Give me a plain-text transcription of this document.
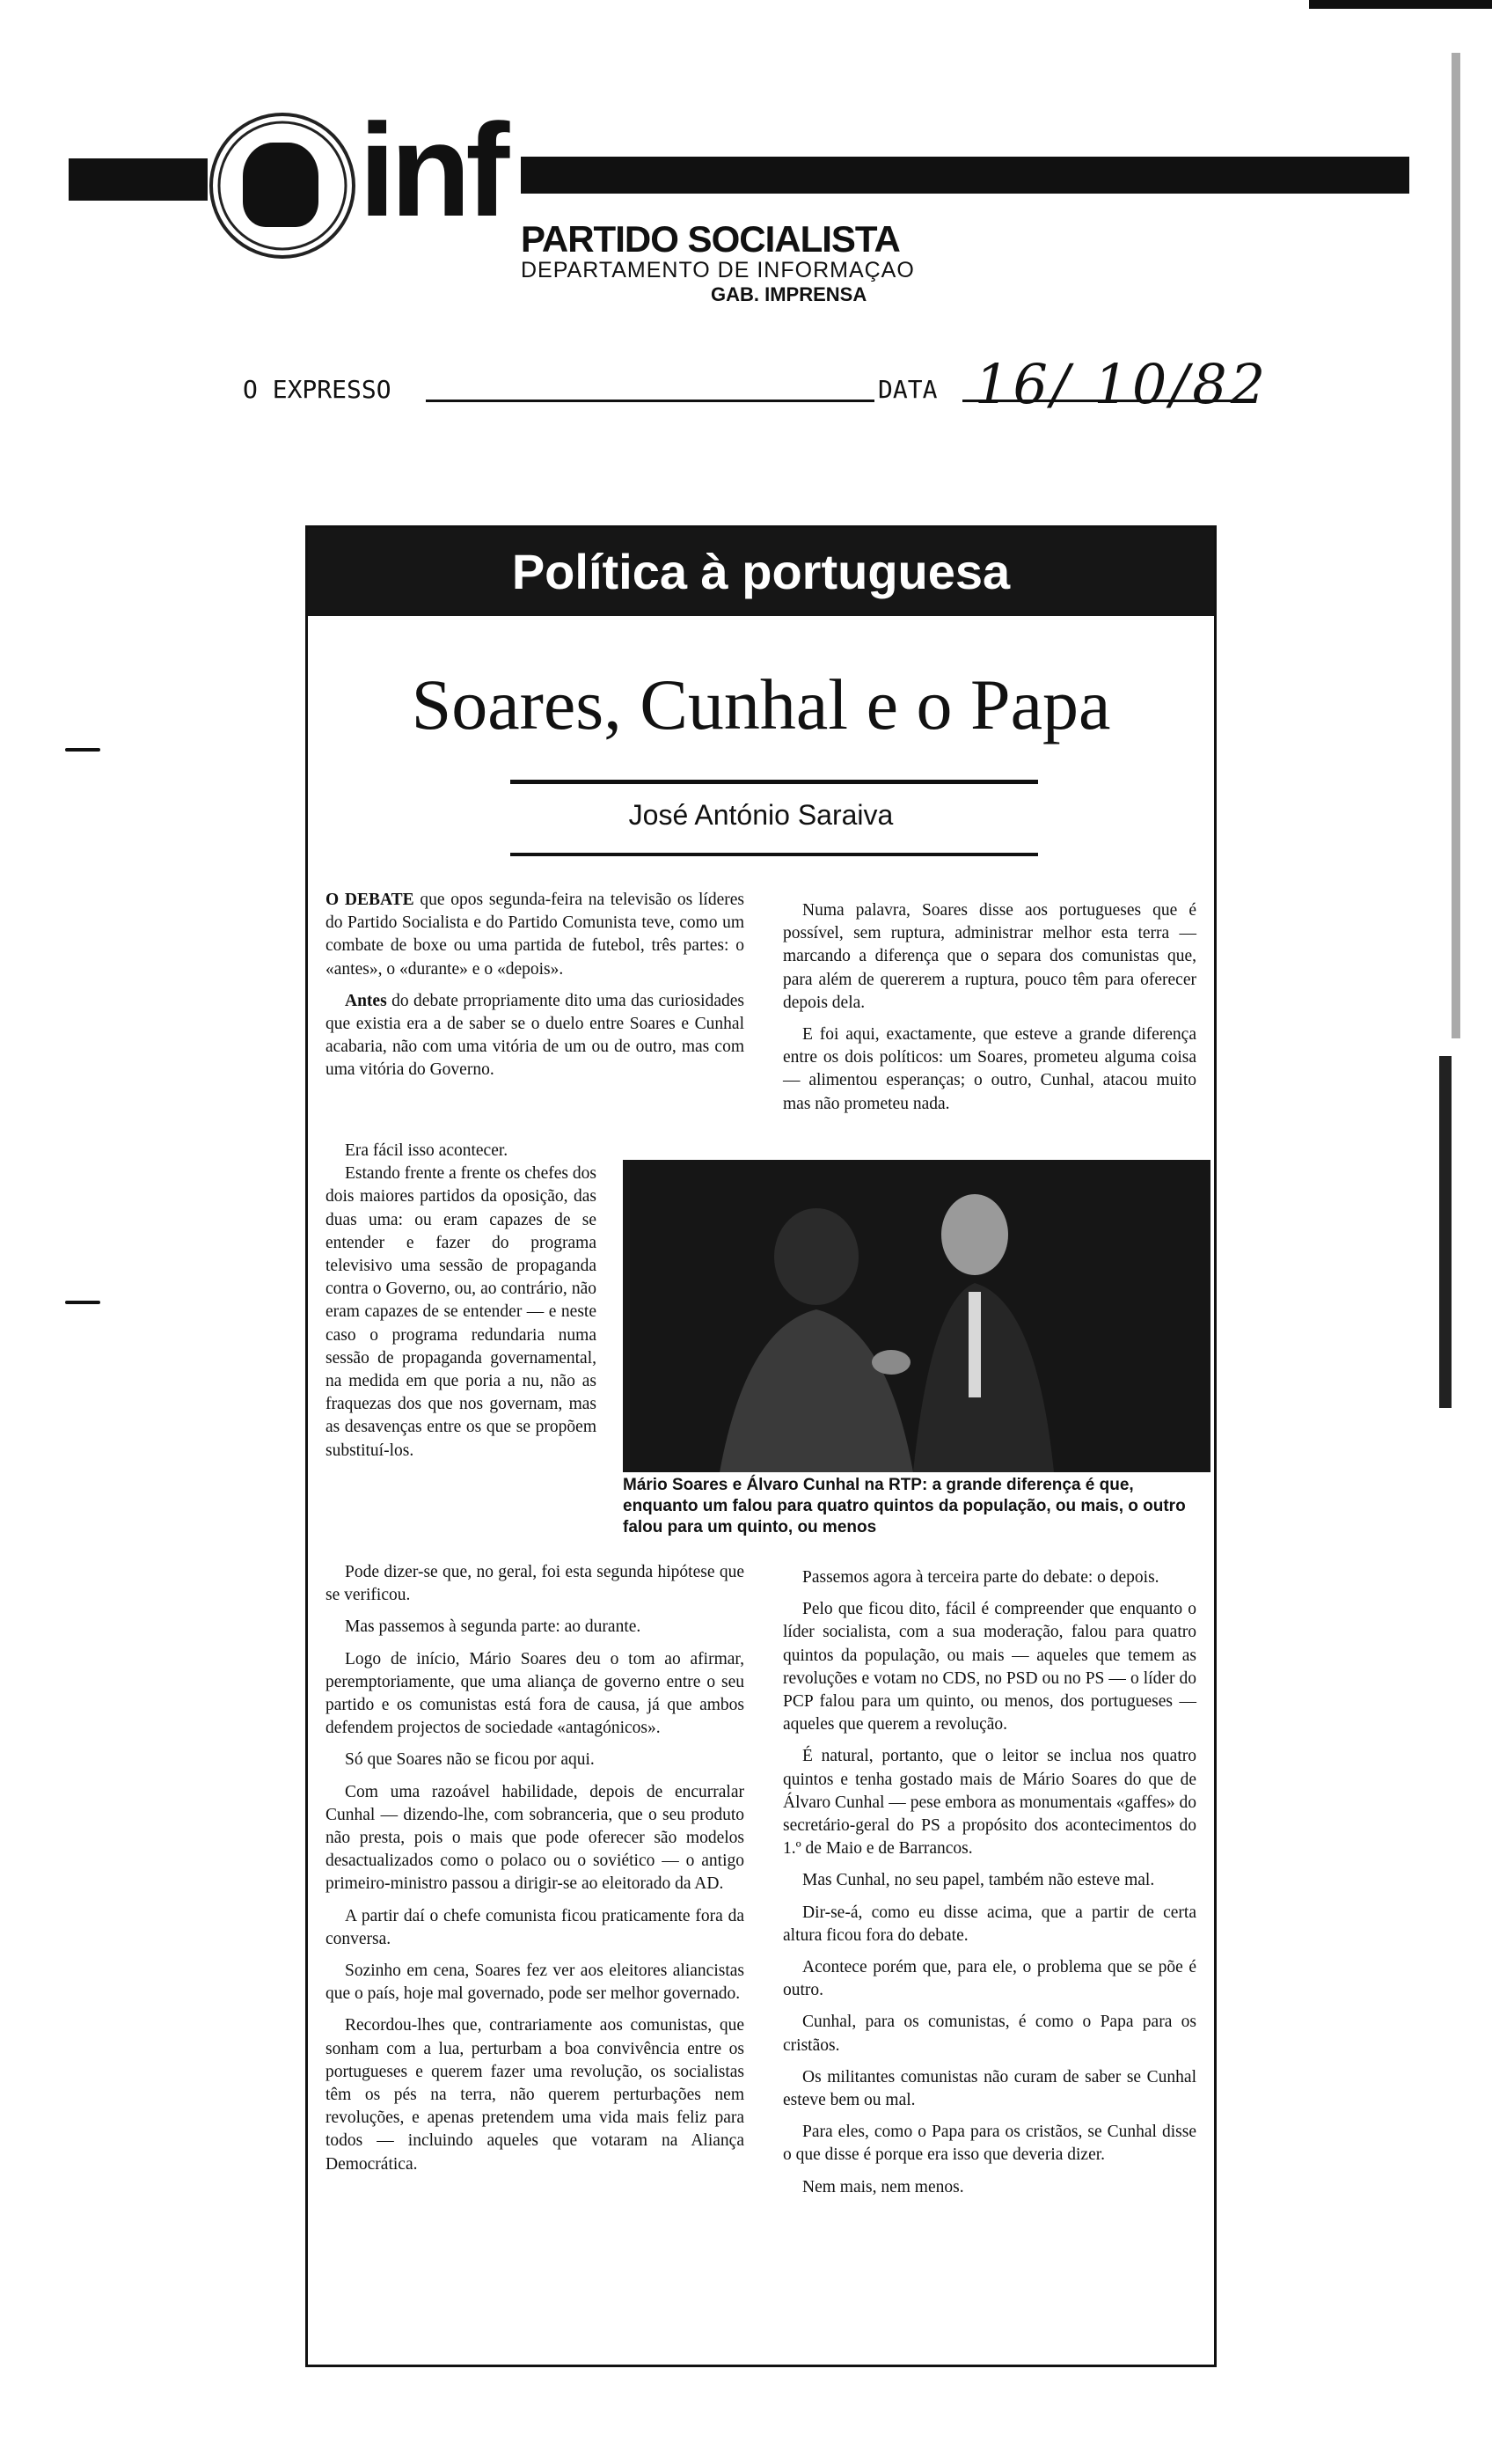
inf PARTIDO SOCIALISTA
DEPARTAMENTO DE INFORMAÇAO
GAB. IMPRENSA
O EXPRESSO	DATA 16/ 10/82
Política à portuguesa
Soares, Cunhal e o Papa
José António Saraiva

O DEBATE que opos segunda-feira na televisão os líderes do Partido Socialista e do Partido Comunista teve, como um combate de boxe ou uma partida de futebol, três partes: o «antes», o «durante» e o «depois».

Antes do debate prropriamente dito uma das curiosidades que existia era a de saber se o duelo entre Soares e Cunhal acabaria, não com uma vitória de um ou de outro, mas com uma vitória do Governo.

Era fácil isso acontecer.

Estando frente a frente os chefes dos dois maiores partidos da oposição, das duas uma: ou eram capazes de se entender e fazer do programa televisivo uma sessão de propaganda contra o Governo, ou, ao contrário, não eram capazes de se entender — e neste caso o programa redundaria numa sessão de propaganda governamental, na medida em que poria a nu, não as fraquezas dos que nos governam, mas as desavenças entre os que se propõem substituí-los.

Numa palavra, Soares disse aos portugueses que é possível, sem ruptura, administrar melhor esta terra — marcando a diferença que o separa dos comunistas que, para além de quererem a ruptura, pouco têm para oferecer depois dela.

E foi aqui, exactamente, que esteve a grande diferença entre os dois políticos: um Soares, prometeu alguma coisa — alimentou esperanças; o outro, Cunhal, atacou muito mas não prometeu nada.

Mário Soares e Álvaro Cunhal na RTP: a grande diferença é que, enquanto um falou para quatro quintos da população, ou mais, o outro falou para um quinto, ou menos

Pode dizer-se que, no geral, foi esta segunda hipótese que se verificou.

Mas passemos à segunda parte: ao durante.

Logo de início, Mário Soares deu o tom ao afirmar, peremptoriamente, que uma aliança de governo entre o seu partido e os comunistas está fora de causa, já que ambos defendem projectos de sociedade «antagónicos».

Só que Soares não se ficou por aqui.

Com uma razoável habilidade, depois de encurralar Cunhal — dizendo-lhe, com sobranceria, que o seu produto não presta, pois o mais que pode oferecer são modelos desactualizados como o polaco ou o soviético — o antigo primeiro-ministro passou a dirigir-se ao eleitorado da AD.

A partir daí o chefe comunista ficou praticamente fora da conversa.

Sozinho em cena, Soares fez ver aos eleitores aliancistas que o país, hoje mal governado, pode ser melhor governado.

Recordou-lhes que, contrariamente aos comunistas, que sonham com a lua, perturbam a boa convivência entre os portugueses e querem fazer uma revolução, os socialistas têm os pés na terra, não querem perturbações nem revoluções, e apenas pretendem uma vida mais feliz para todos — incluindo aqueles que votaram na Aliança Democrática.

Passemos agora à terceira parte do debate: o depois.

Pelo que ficou dito, fácil é compreender que enquanto o líder socialista, com a sua moderação, falou para quatro quintos da população, ou mais — aqueles que temem as revoluções e votam no CDS, no PSD ou no PS — o líder do PCP falou para um quinto, ou menos, dos portugueses — aqueles que querem a revolução.

É natural, portanto, que o leitor se inclua nos quatro quintos e tenha gostado mais de Mário Soares do que de Álvaro Cunhal — pese embora as monumentais «gaffes» do secretário-geral do PS a propósito dos acontecimentos do 1.º de Maio e de Barrancos.

Mas Cunhal, no seu papel, também não esteve mal.

Dir-se-á, como eu disse acima, que a partir de certa altura ficou fora do debate.

Acontece porém que, para ele, o problema que se põe é outro.

Cunhal, para os comunistas, é como o Papa para os cristãos.

Os militantes comunistas não curam de saber se Cunhal esteve bem ou mal.

Para eles, como o Papa para os cristãos, se Cunhal disse o que disse é porque era isso que deveria dizer.

Nem mais, nem menos.
